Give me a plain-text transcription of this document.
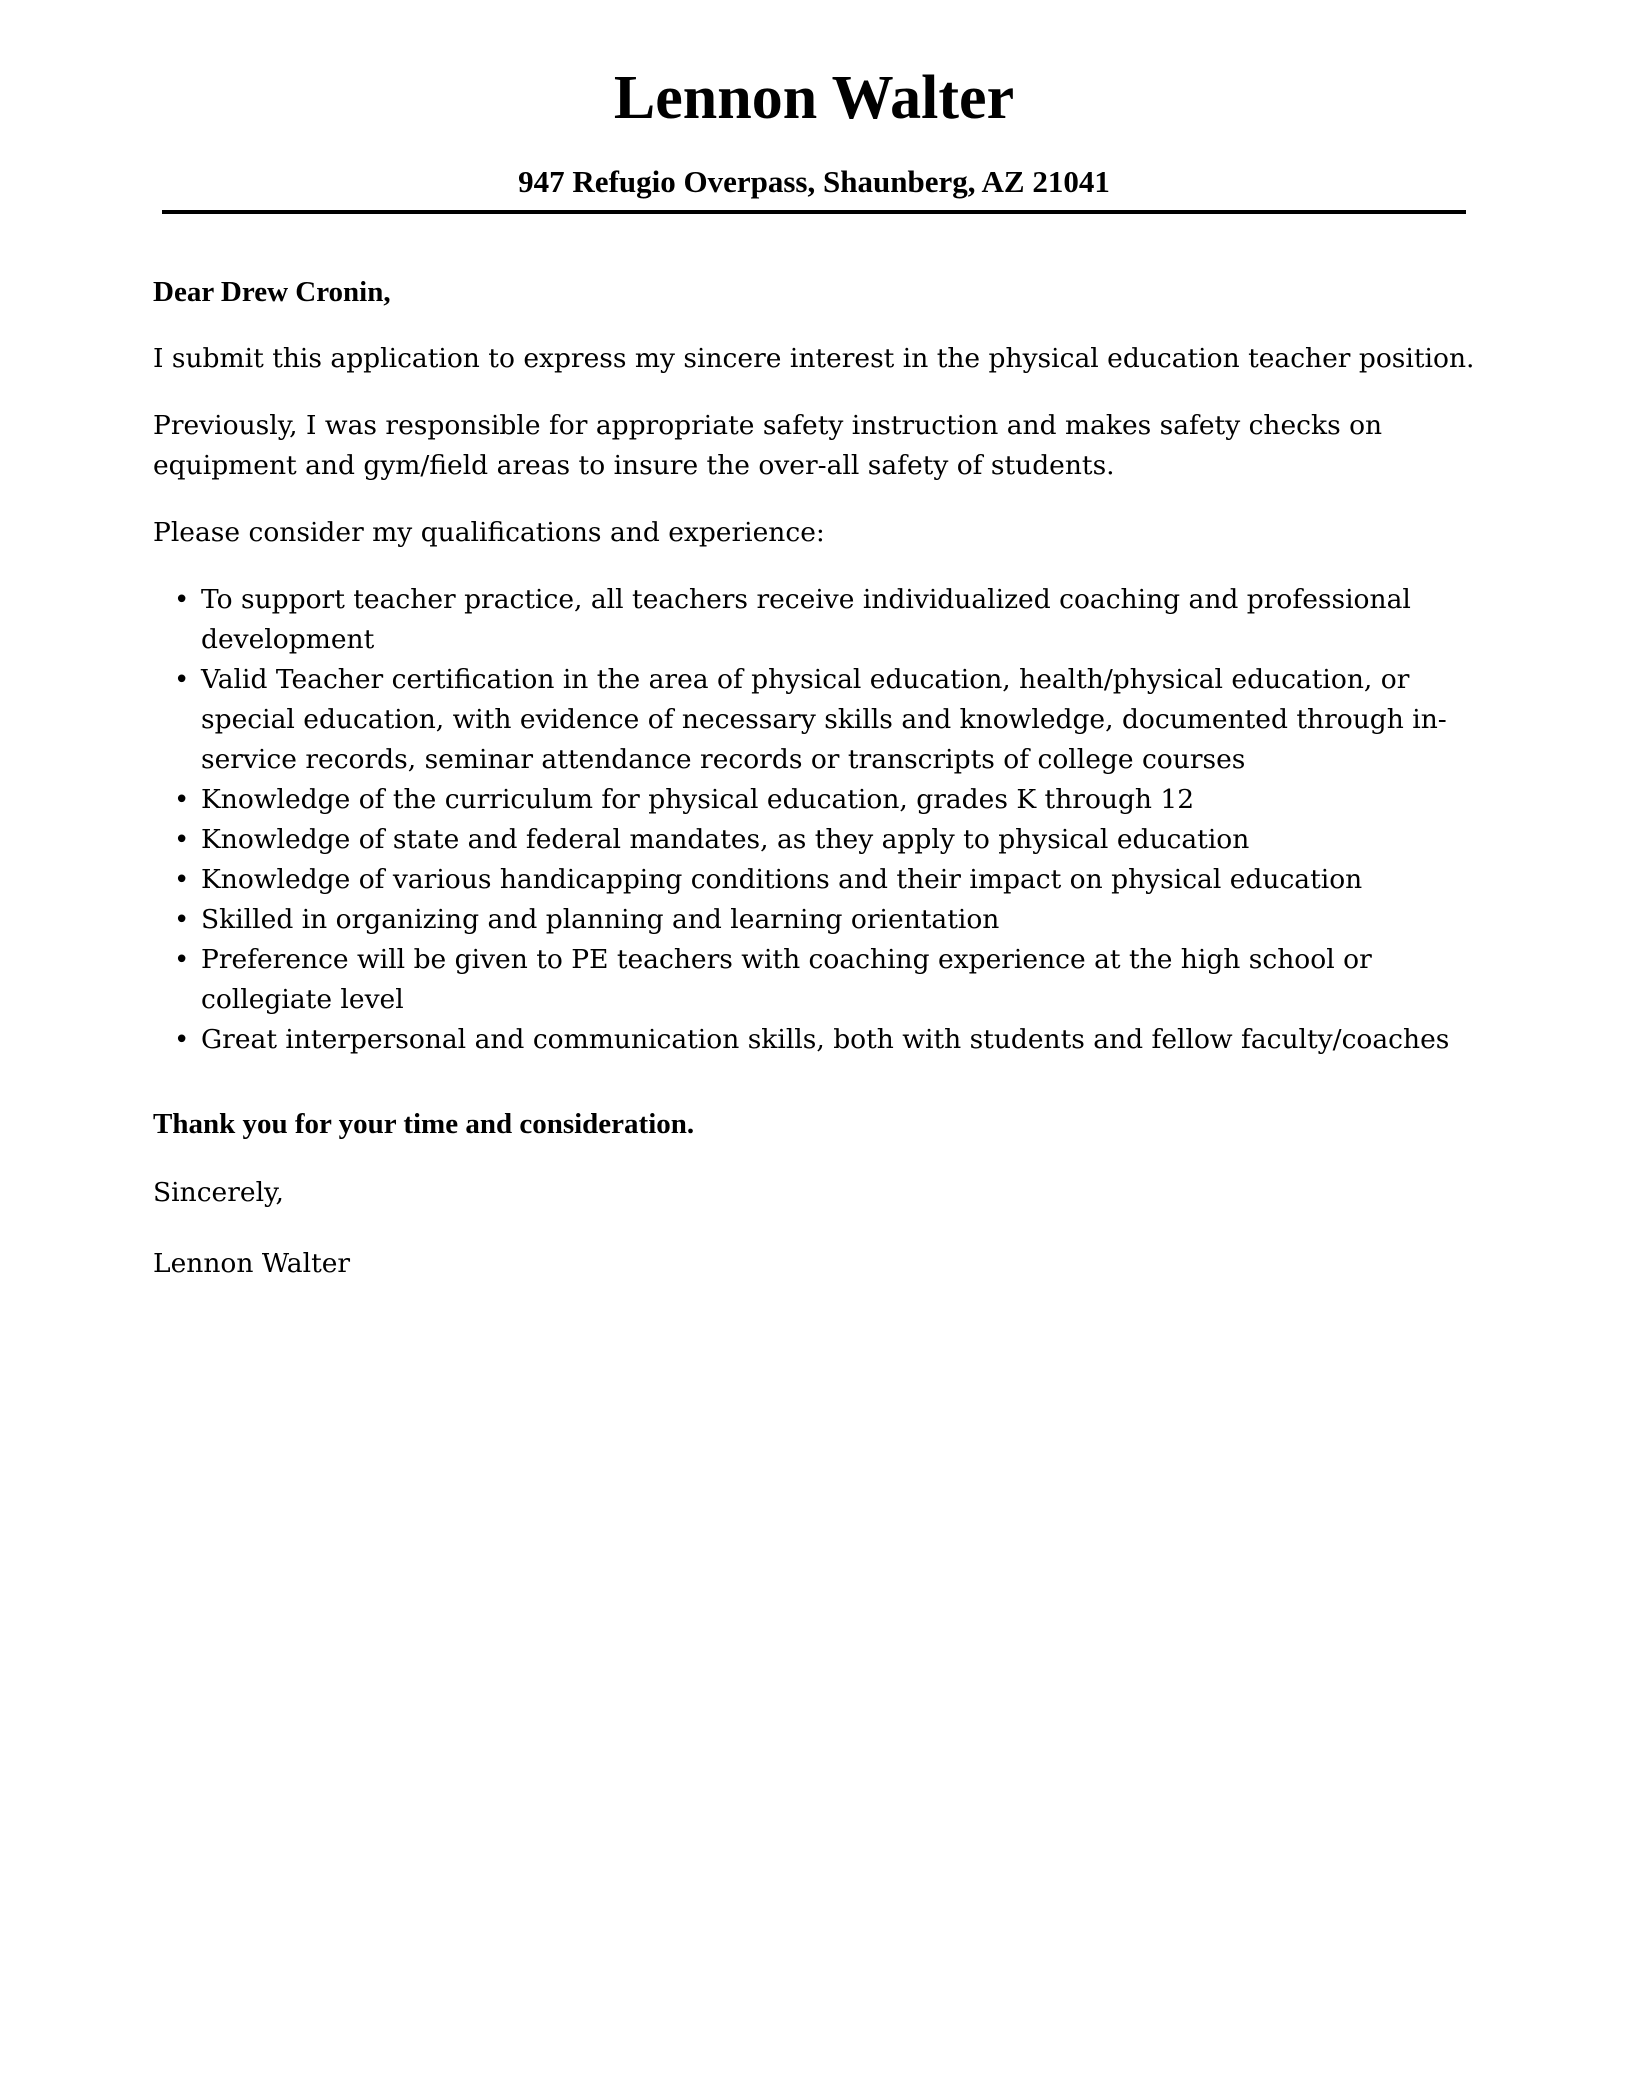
Lennon Walter
947 Refugio Overpass, Shaunberg, AZ 21041

Dear Drew Cronin,

I submit this application to express my sincere interest in the physical education teacher position.

Previously, I was responsible for appropriate safety instruction and makes safety checks on equipment and gym/field areas to insure the over-all safety of students.

Please consider my qualifications and experience:

• To support teacher practice, all teachers receive individualized coaching and professional development
• Valid Teacher certification in the area of physical education, health/physical education, or special education, with evidence of necessary skills and knowledge, documented through in-service records, seminar attendance records or transcripts of college courses
• Knowledge of the curriculum for physical education, grades K through 12
• Knowledge of state and federal mandates, as they apply to physical education
• Knowledge of various handicapping conditions and their impact on physical education
• Skilled in organizing and planning and learning orientation
• Preference will be given to PE teachers with coaching experience at the high school or collegiate level
• Great interpersonal and communication skills, both with students and fellow faculty/coaches

Thank you for your time and consideration.

Sincerely,

Lennon Walter
